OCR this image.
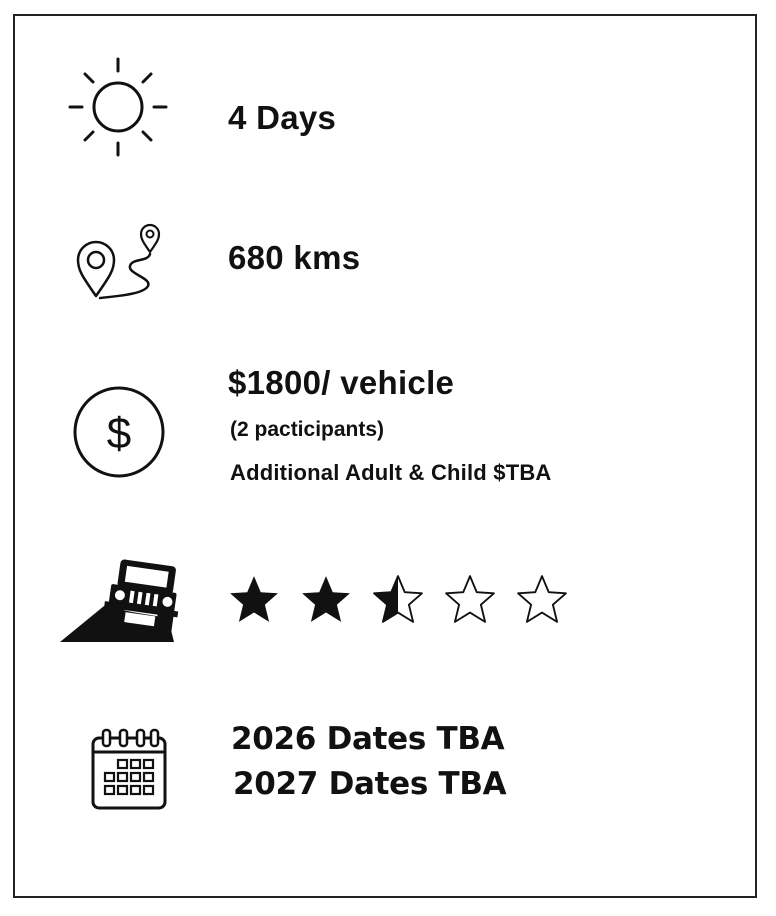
4 Days
680 kms
$
$1800/ vehicle
(2 pacticipants)
Additional Adult & Child $TBA
2026 Dates TBA
2027 Dates TBA
